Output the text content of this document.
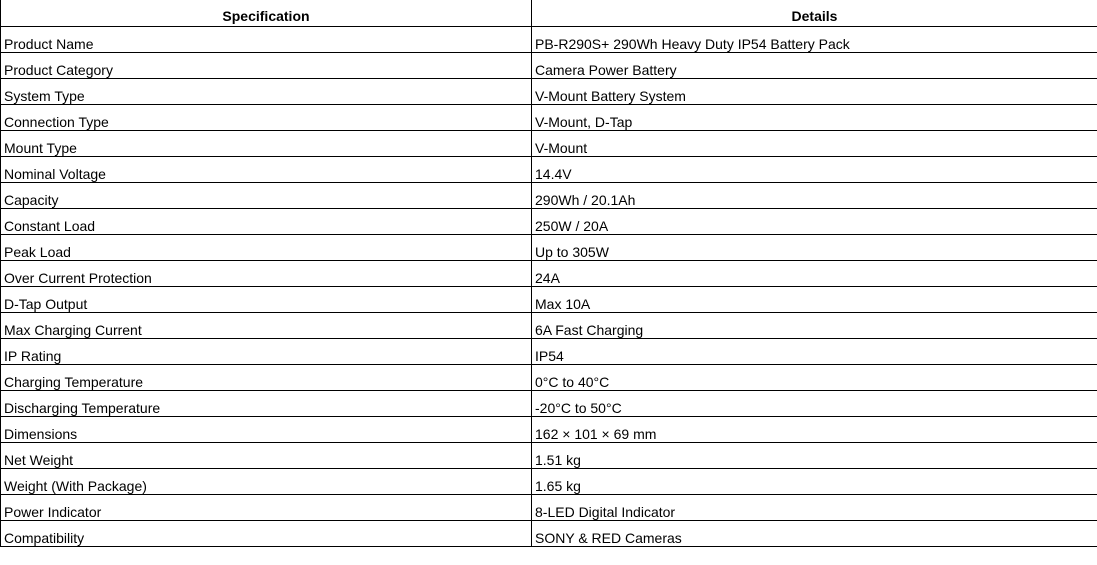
Specification	Details
Product Name	PB-R290S+ 290Wh Heavy Duty IP54 Battery Pack
Product Category	Camera Power Battery
System Type	V-Mount Battery System
Connection Type	V-Mount, D-Tap
Mount Type	V-Mount
Nominal Voltage	14.4V
Capacity	290Wh / 20.1Ah
Constant Load	250W / 20A
Peak Load	Up to 305W
Over Current Protection	24A
D-Tap Output	Max 10A
Max Charging Current	6A Fast Charging
IP Rating	IP54
Charging Temperature	0°C to 40°C
Discharging Temperature	-20°C to 50°C
Dimensions	162 × 101 × 69 mm
Net Weight	1.51 kg
Weight (With Package)	1.65 kg
Power Indicator	8-LED Digital Indicator
Compatibility	SONY & RED Cameras
